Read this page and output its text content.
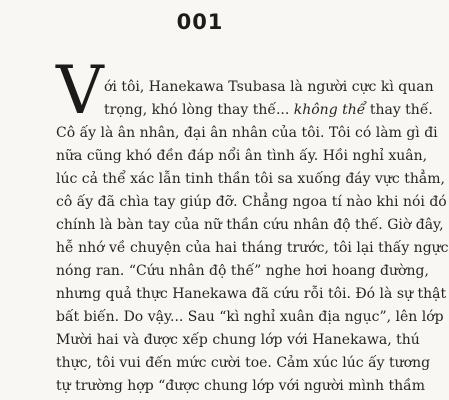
001
V ới tôi, Hanekawa Tsubasa là người cực kì quan
trọng, khó lòng thay thế... không thể thay thế.
Cô ấy là ân nhân, đại ân nhân của tôi. Tôi có làm gì đi
nữa cũng khó đền đáp nổi ân tình ấy. Hồi nghỉ xuân,
lúc cả thể xác lẫn tinh thần tôi sa xuống đáy vực thẳm,
cô ấy đã chìa tay giúp đỡ. Chẳng ngoa tí nào khi nói đó
chính là bàn tay của nữ thần cứu nhân độ thế. Giờ đây,
hễ nhớ về chuyện của hai tháng trước, tôi lại thấy ngực
nóng ran. “Cứu nhân độ thế” nghe hơi hoang đường,
nhưng quả thực Hanekawa đã cứu rỗi tôi. Đó là sự thật
bất biến. Do vậy... Sau “kì nghỉ xuân địa ngục”, lên lớp
Mười hai và được xếp chung lớp với Hanekawa, thú
thực, tôi vui đến mức cười toe. Cảm xúc lúc ấy tương
tự trường hợp “được chung lớp với người mình thầm
